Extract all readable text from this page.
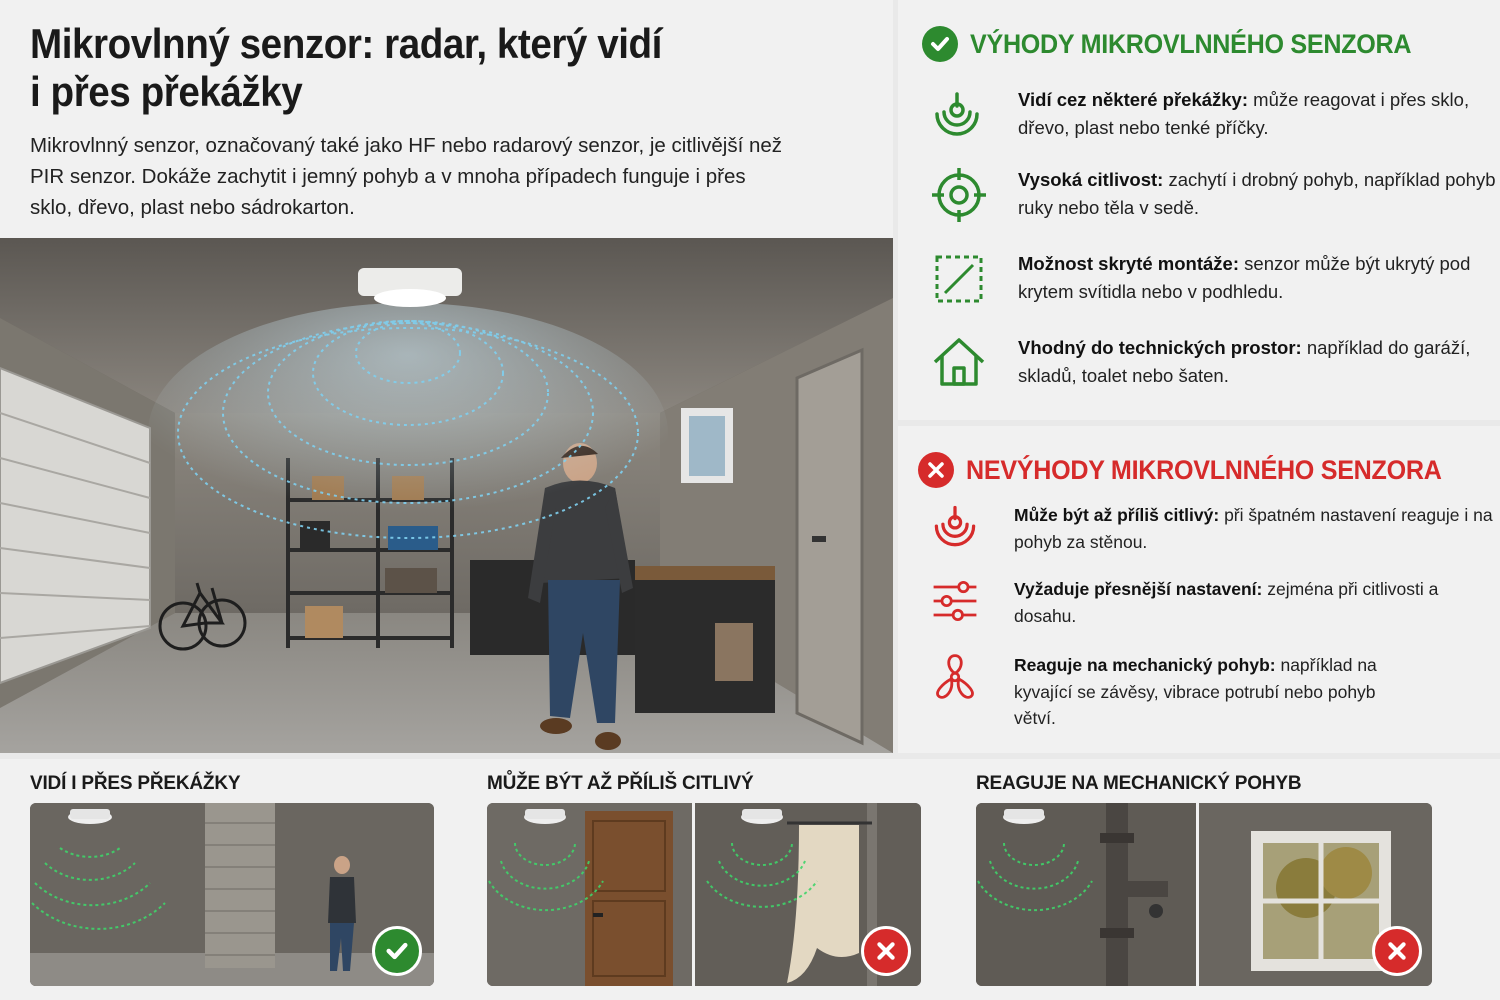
Mikrovlnný senzor: radar, který vidí
i přes překážky

Mikrovlnný senzor, označovaný také jako HF nebo radarový senzor, je citlivější než PIR senzor. Dokáže zachytit i jemný pohyb a v mnoha případech funguje i přes sklo, dřevo, plast nebo sádrokarton.

VÝHODY MIKROVLNNÉHO SENZORA
Vidí cez některé překážky: může reagovat i přes sklo, dřevo, plast nebo tenké příčky.
Vysoká citlivost: zachytí i drobný pohyb, například pohyb ruky nebo těla v sedě.
Možnost skryté montáže: senzor může být ukrytý pod krytem svítidla nebo v podhledu.
Vhodný do technických prostor: například do garáží, skladů, toalet nebo šaten.
NEVÝHODY MIKROVLNNÉHO SENZORA
Může být až příliš citlivý: při špatném nastavení reaguje i na pohyb za stěnou.
Vyžaduje přesnější nastavení: zejména při citlivosti a dosahu.
Reaguje na mechanický pohyb: například na kyvající se závěsy, vibrace potrubí nebo pohyb větví.
VIDÍ I PŘES PŘEKÁŽKY	MŮŽE BÝT AŽ PŘÍLIŠ CITLIVÝ	REAGUJE NA MECHANICKÝ POHYB
